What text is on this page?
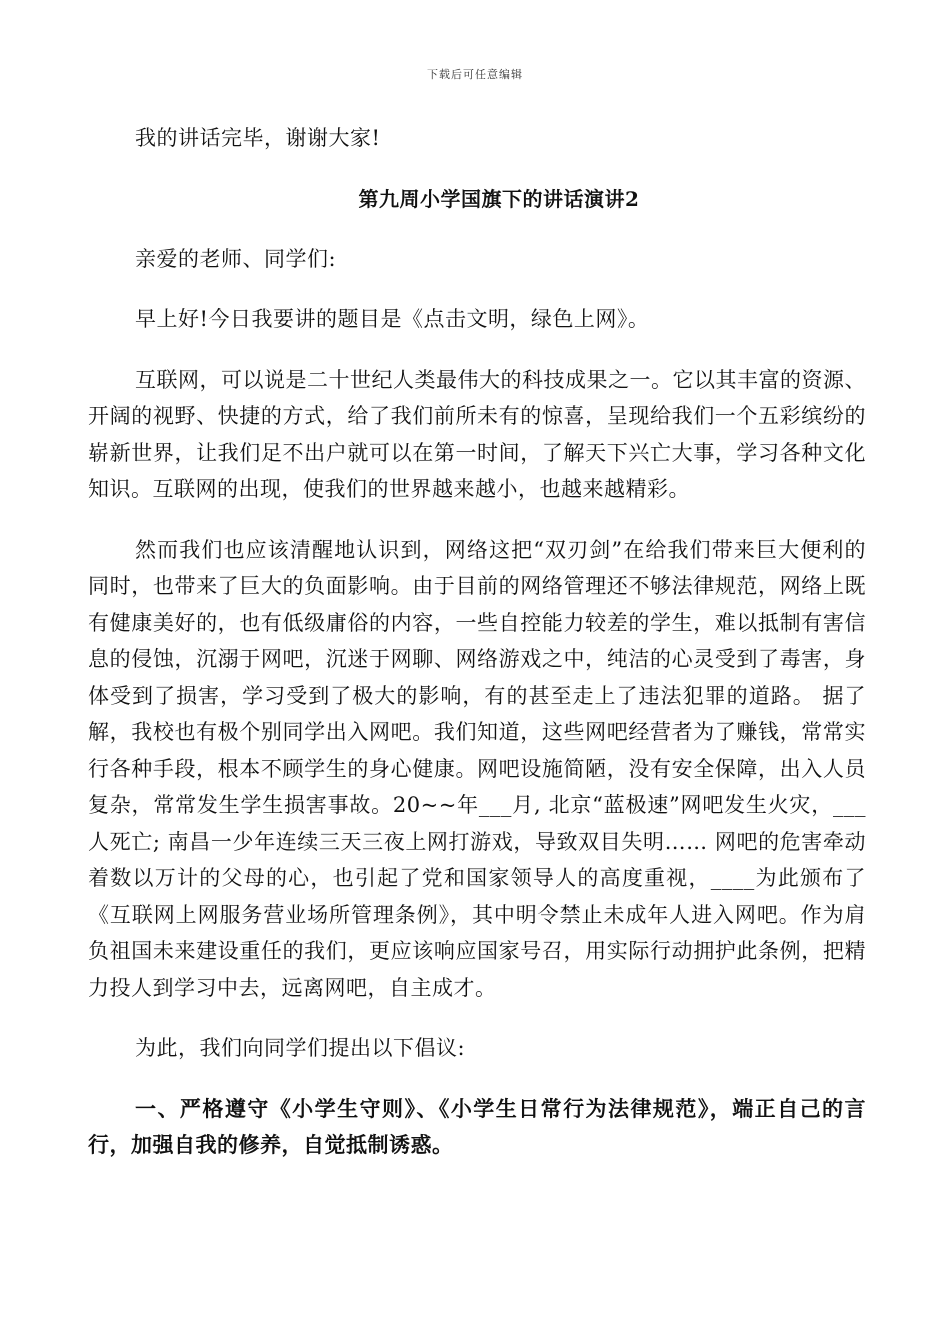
下载后可任意编辑

我的讲话完毕，谢谢大家!

第九周小学国旗下的讲话演讲2

亲爱的老师、同学们:

早上好!今日我要讲的题目是《点击文明，绿色上网》。

互联网，可以说是二十世纪人类最伟大的科技成果之一。它以其丰富的资源、开阔的视野、快捷的方式，给了我们前所未有的惊喜，呈现给我们一个五彩缤纷的崭新世界，让我们足不出户就可以在第一时间，了解天下兴亡大事，学习各种文化知识。互联网的出现，使我们的世界越来越小，也越来越精彩。

然而我们也应该清醒地认识到，网络这把“双刃剑”在给我们带来巨大便利的同时，也带来了巨大的负面影响。由于目前的网络管理还不够法律规范，网络上既有健康美好的，也有低级庸俗的内容，一些自控能力较差的学生，难以抵制有害信息的侵蚀，沉溺于网吧，沉迷于网聊、网络游戏之中，纯洁的心灵受到了毒害，身体受到了损害，学习受到了极大的影响，有的甚至走上了违法犯罪的道路。 据了解，我校也有极个别同学出入网吧。我们知道，这些网吧经营者为了赚钱，常常实行各种手段，根本不顾学生的身心健康。网吧设施简陋，没有安全保障，出入人员复杂，常常发生学生损害事故。20~~年___月, 北京“蓝极速”网吧发生火灾，___人死亡; 南昌一少年连续三天三夜上网打游戏，导致双目失明…… 网吧的危害牵动着数以万计的父母的心，也引起了党和国家领导人的高度重视，____为此颁布了《互联网上网服务营业场所管理条例》，其中明令禁止未成年人进入网吧。作为肩负祖国未来建设重任的我们，更应该响应国家号召，用实际行动拥护此条例，把精力投人到学习中去，远离网吧，自主成才。

为此，我们向同学们提出以下倡议:

一、严格遵守《小学生守则》、《小学生日常行为法律规范》，端正自己的言行，加强自我的修养，自觉抵制诱惑。
